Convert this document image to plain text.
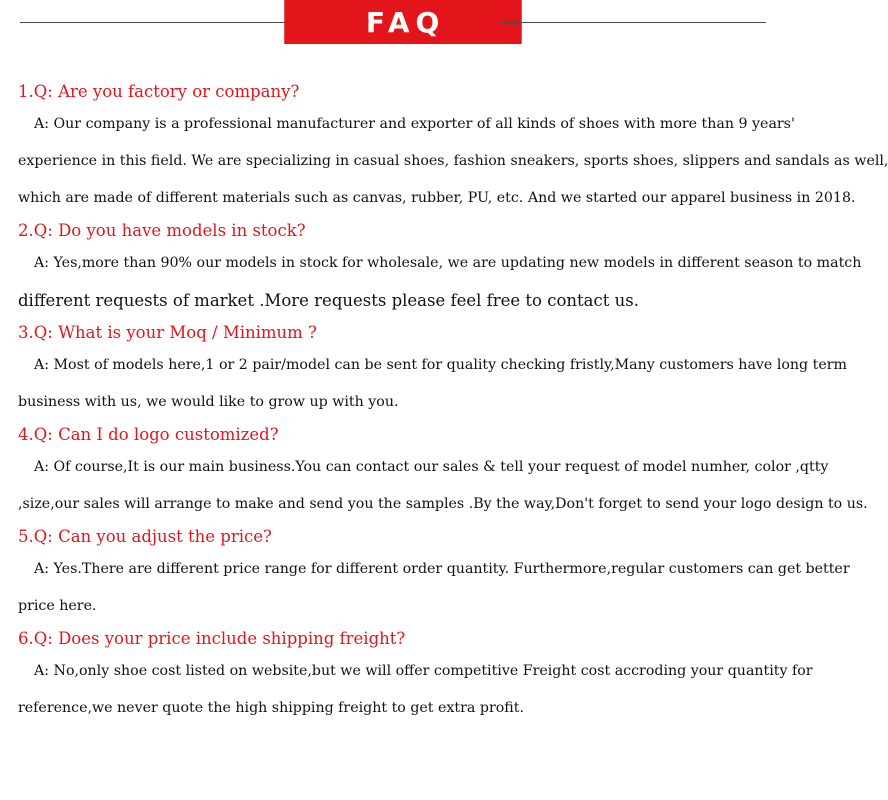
FAQ

1.Q: Are you factory or company?

A: Our company is a professional manufacturer and exporter of all kinds of shoes with more than 9 years'
experience in this field. We are specializing in casual shoes, fashion sneakers, sports shoes, slippers and sandals as well,
which are made of different materials such as canvas, rubber, PU, etc. And we started our apparel business in 2018.

2.Q: Do you have models in stock?

A: Yes,more than 90% our models in stock for wholesale, we are updating new models in different season to match
different requests of market .More requests please feel free to contact us.

3.Q: What is your Moq / Minimum ?

A: Most of models here,1 or 2 pair/model can be sent for quality checking fristly,Many customers have long term
business with us, we would like to grow up with you.

4.Q: Can I do logo customized?

A: Of course,It is our main business.You can contact our sales & tell your request of model numher, color ,qtty
,size,our sales will arrange to make and send you the samples .By the way,Don't forget to send your logo design to us.

5.Q: Can you adjust the price?

A: Yes.There are different price range for different order quantity. Furthermore,regular customers can get better
price here.

6.Q: Does your price include shipping freight?

A: No,only shoe cost listed on website,but we will offer competitive Freight cost accroding your quantity for
reference,we never quote the high shipping freight to get extra profit.
